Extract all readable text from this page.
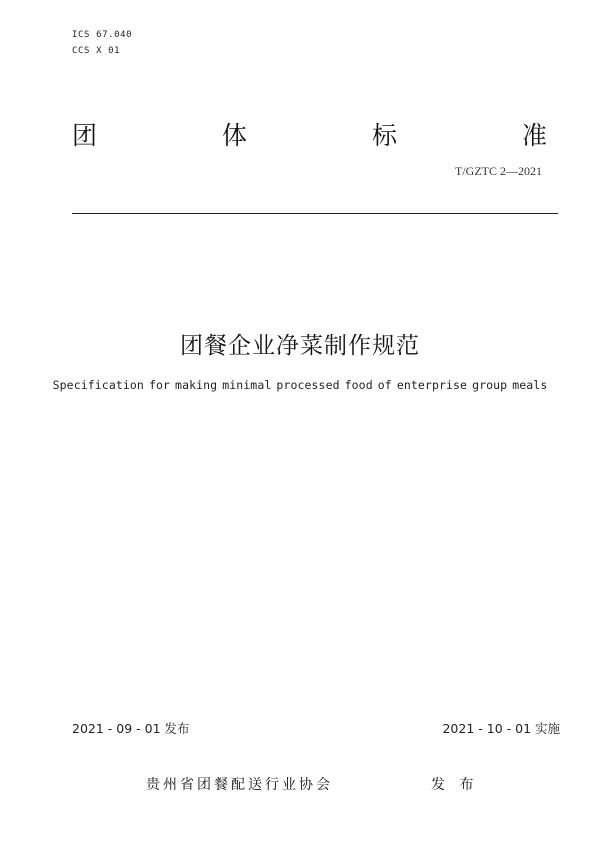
ICS 67.040
CCS X 01
团	体	标	准
T/GZTC 2—2021
团餐企业净菜制作规范
Specification for making minimal processed food of enterprise group meals
2021 - 09 - 01 发布	2021 - 10 - 01 实施
贵州省团餐配送行业协会	发 布
